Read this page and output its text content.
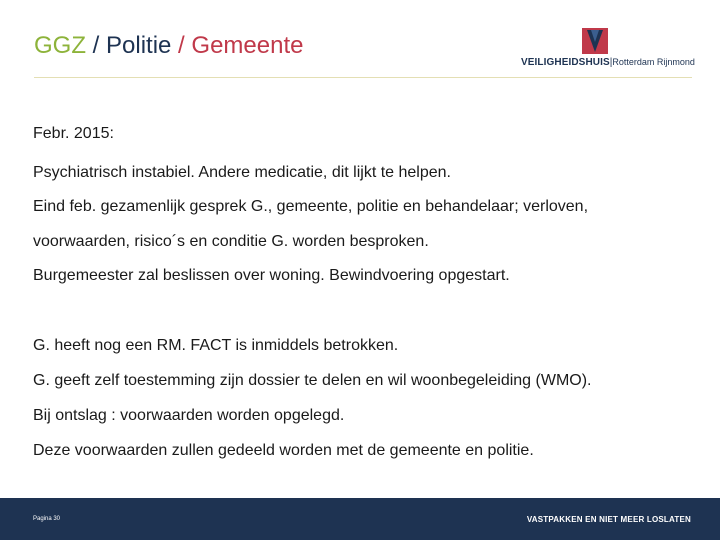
GGZ / Politie / Gemeente
VEILIGHEIDSHUIS|Rotterdam Rijnmond
Febr. 2015:
Psychiatrisch instabiel. Andere medicatie, dit lijkt te helpen.
Eind feb. gezamenlijk gesprek G., gemeente, politie en behandelaar; verloven,
voorwaarden, risico´s en conditie G. worden besproken.
Burgemeester zal beslissen over woning. Bewindvoering opgestart.
G. heeft nog een RM. FACT is inmiddels betrokken.
G. geeft zelf toestemming zijn dossier te delen en wil woonbegeleiding (WMO).
Bij ontslag : voorwaarden worden opgelegd.
Deze voorwaarden zullen gedeeld worden met de gemeente en politie.
Pagina 30	VASTPAKKEN EN NIET MEER LOSLATEN
